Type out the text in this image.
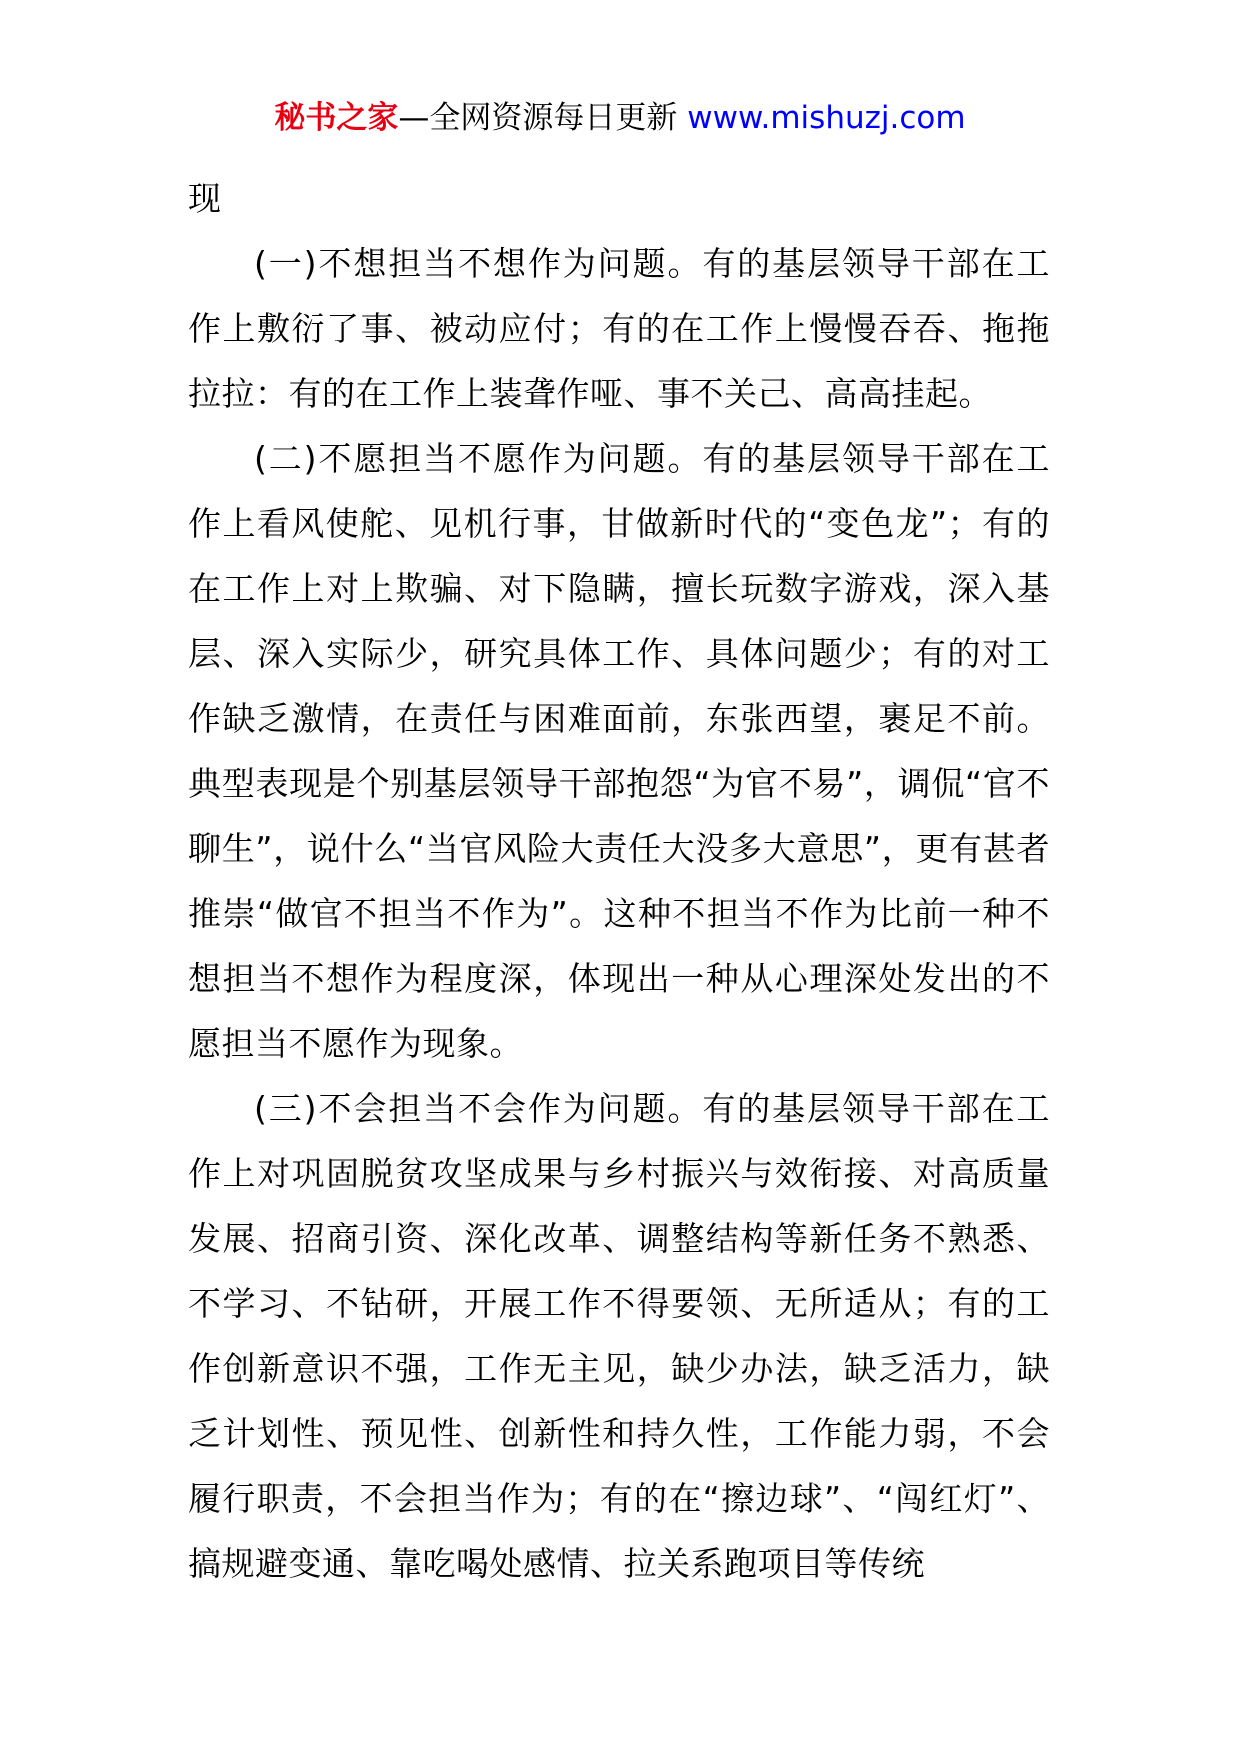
秘书之家—全网资源每日更新 www.mishuzj.com

现

(一)不想担当不想作为问题。有的基层领导干部在工作上敷衍了事、被动应付；有的在工作上慢慢吞吞、拖拖拉拉：有的在工作上装聋作哑、事不关己、高高挂起。

(二)不愿担当不愿作为问题。有的基层领导干部在工作上看风使舵、见机行事，甘做新时代的“变色龙”；有的在工作上对上欺骗、对下隐瞒，擅长玩数字游戏，深入基层、深入实际少，研究具体工作、具体问题少；有的对工作缺乏激情，在责任与困难面前，东张西望，裹足不前。典型表现是个别基层领导干部抱怨“为官不易”，调侃“官不聊生”，说什么“当官风险大责任大没多大意思”，更有甚者推崇“做官不担当不作为”。这种不担当不作为比前一种不想担当不想作为程度深，体现出一种从心理深处发出的不愿担当不愿作为现象。

(三)不会担当不会作为问题。有的基层领导干部在工作上对巩固脱贫攻坚成果与乡村振兴与效衔接、对高质量发展、招商引资、深化改革、调整结构等新任务不熟悉、不学习、不钻研，开展工作不得要领、无所适从；有的工作创新意识不强，工作无主见，缺少办法，缺乏活力，缺乏计划性、预见性、创新性和持久性，工作能力弱，不会履行职责，不会担当作为；有的在“擦边球”、“闯红灯”、搞规避变通、靠吃喝处感情、拉关系跑项目等传统
